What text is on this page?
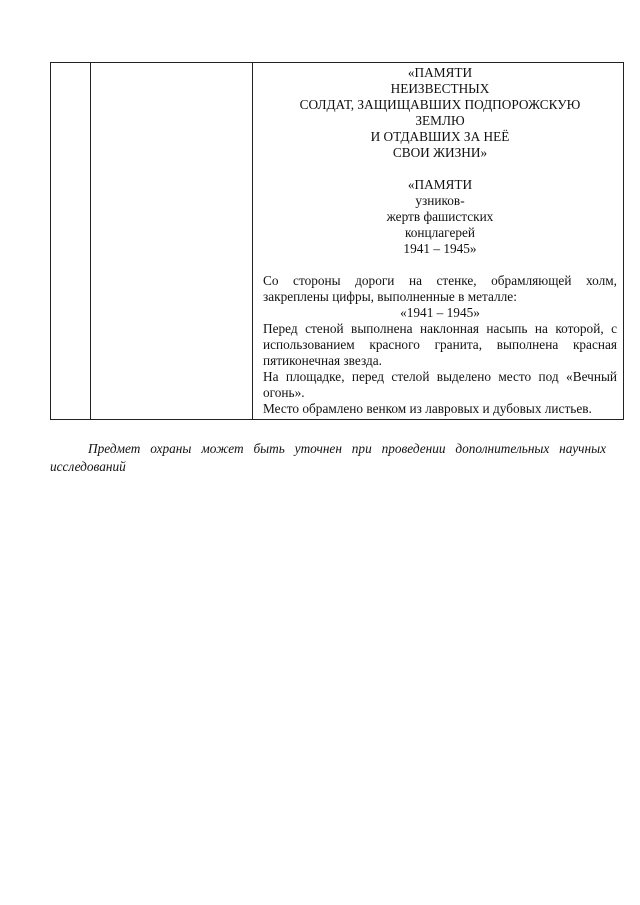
«ПАМЯТИ
НЕИЗВЕСТНЫХ
СОЛДАТ, ЗАЩИЩАВШИХ ПОДПОРОЖСКУЮ
ЗЕМЛЮ
И ОТДАВШИХ ЗА НЕЁ
СВОИ ЖИЗНИ»
«ПАМЯТИ
узников-
жертв фашистских
концлагерей
1941 – 1945»

Со стороны дороги на стенке, обрамляющей холм, закреплены цифры, выполненные в металле:

«1941 – 1945»

Перед стеной выполнена наклонная насыпь на которой, с использованием красного гранита, выполнена красная пятиконечная звезда.

На площадке, перед стелой выделено место под «Вечный огонь».

Место обрамлено венком из лавровых и дубовых листьев.

Предмет охраны может быть уточнен при проведении дополнительных научных исследований
